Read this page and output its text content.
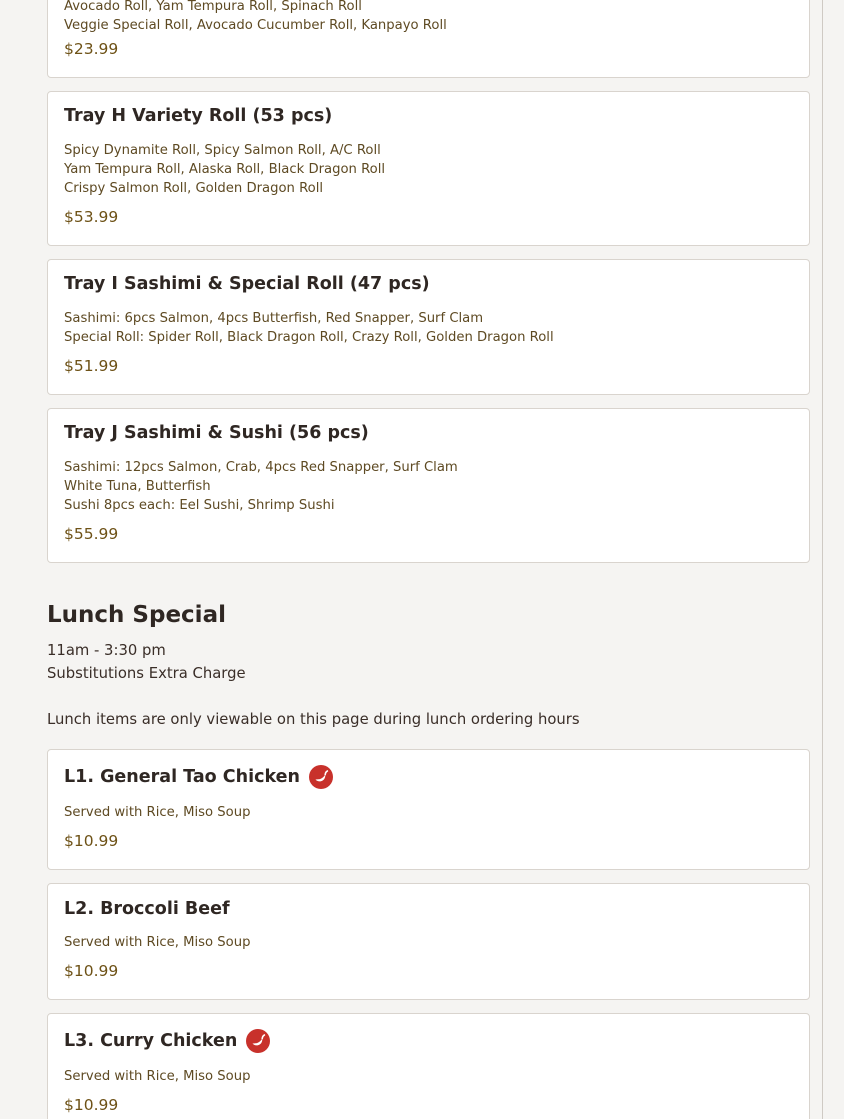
Avocado Roll, Yam Tempura Roll, Spinach Roll
Veggie Special Roll, Avocado Cucumber Roll, Kanpayo Roll
$23.99
Tray H Variety Roll (53 pcs)
Spicy Dynamite Roll, Spicy Salmon Roll, A/C Roll
Yam Tempura Roll, Alaska Roll, Black Dragon Roll
Crispy Salmon Roll, Golden Dragon Roll
$53.99
Tray I Sashimi & Special Roll (47 pcs)
Sashimi: 6pcs Salmon, 4pcs Butterfish, Red Snapper, Surf Clam
Special Roll: Spider Roll, Black Dragon Roll, Crazy Roll, Golden Dragon Roll
$51.99
Tray J Sashimi & Sushi (56 pcs)
Sashimi: 12pcs Salmon, Crab, 4pcs Red Snapper, Surf Clam
White Tuna, Butterfish
Sushi 8pcs each: Eel Sushi, Shrimp Sushi
$55.99
Lunch Special
11am - 3:30 pm
Substitutions Extra Charge
Lunch items are only viewable on this page during lunch ordering hours
L1. General Tao Chicken
Served with Rice, Miso Soup
$10.99
L2. Broccoli Beef
Served with Rice, Miso Soup
$10.99
L3. Curry Chicken
Served with Rice, Miso Soup
$10.99
